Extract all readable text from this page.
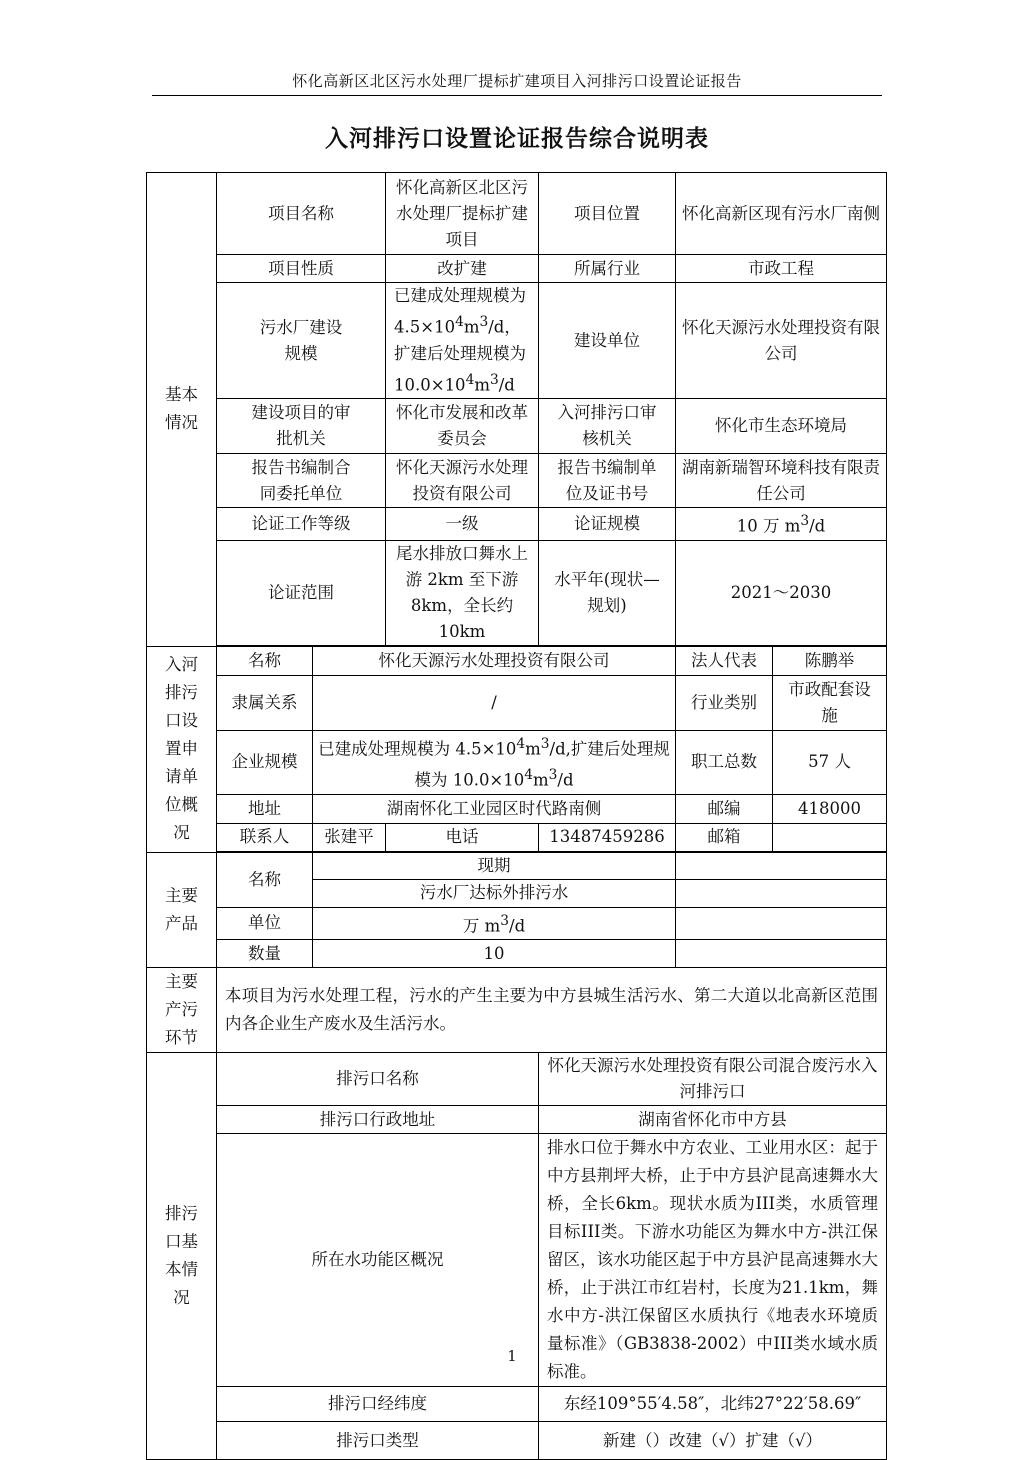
怀化高新区北区污水处理厂提标扩建项目入河排污口设置论证报告
入河排污口设置论证报告综合说明表
基本情况	项目名称		怀化高新区北区污水处理厂提标扩建项目	项目位置	怀化高新区现有污水厂南侧	
	项目性质		改扩建	所属行业	市政工程	
	污水厂建设规模		已建成处理规模为$4.5\times 10^4m^3/d$，扩建后处理规模为$10.0\times 10^4m^3/d$	建设单位	怀化天源污水处理投资有限公司	
	建设项目的审批机关		怀化市发展和改革委员会	入河排污口审核机关	怀化市生态环境局	
	报告书编制合同委托单位		怀化天源污水处理投资有限公司	报告书编制单位及证书号	湖南新瑞智环境科技有限责任公司	
	论证工作等级		一级	论证规模	10 万 $m^3/d$	
	论证范围		尾水排放口舞水上游 2km 至下游 8km，全长约 10km	水平年(现状—规划)	2021～2030	

入河排污口设置申请单位概况	名称	怀化天源污水处理投资有限公司			法人代表	陈鹏举
	隶属关系	/			行业类别	市政配套设施
	企业规模	已建成处理规模为 $4.5\times 10^4m^3/d$,扩建后处理规模为 $10.0\times 10^4m^3/d$			职工总数	57 人
	地址	湖南怀化工业园区时代路南侧			邮编	418000
	联系人	张建平	电话	13487459286	邮箱	

主要产品	名称	现期				
		污水厂达标外排污水				
	单位	万 $m^3/d$				
	数量	10				
主要产污环节	本项目为污水处理工程，污水的产生主要为中方县城生活污水、第二大道以北高新区范围内各企业生产废水及生活污水。					
排污口基本情况	排污口名称			怀化天源污水处理投资有限公司混合废污水入河排污口		
	排污口行政地址			湖南省怀化市中方县		
	所在水功能区概况			排水口位于舞水中方农业、工业用水区：起于中方县荆坪大桥，止于中方县沪昆高速舞水大桥，全长6km。现状水质为III类，水质管理目标III类。下游水功能区为舞水中方-洪江保留区，该水功能区起于中方县沪昆高速舞水大桥，止于洪江市红岩村，长度为21.1km，舞水中方-洪江保留区水质执行《地表水环境质量标准》（GB3838-2002）中III类水域水质标准。		
	排污口经纬度			东经109°55′4.58″，北纬27°22′58.69″		
	排污口类型			新建（）改建（√）扩建（√）		
1
